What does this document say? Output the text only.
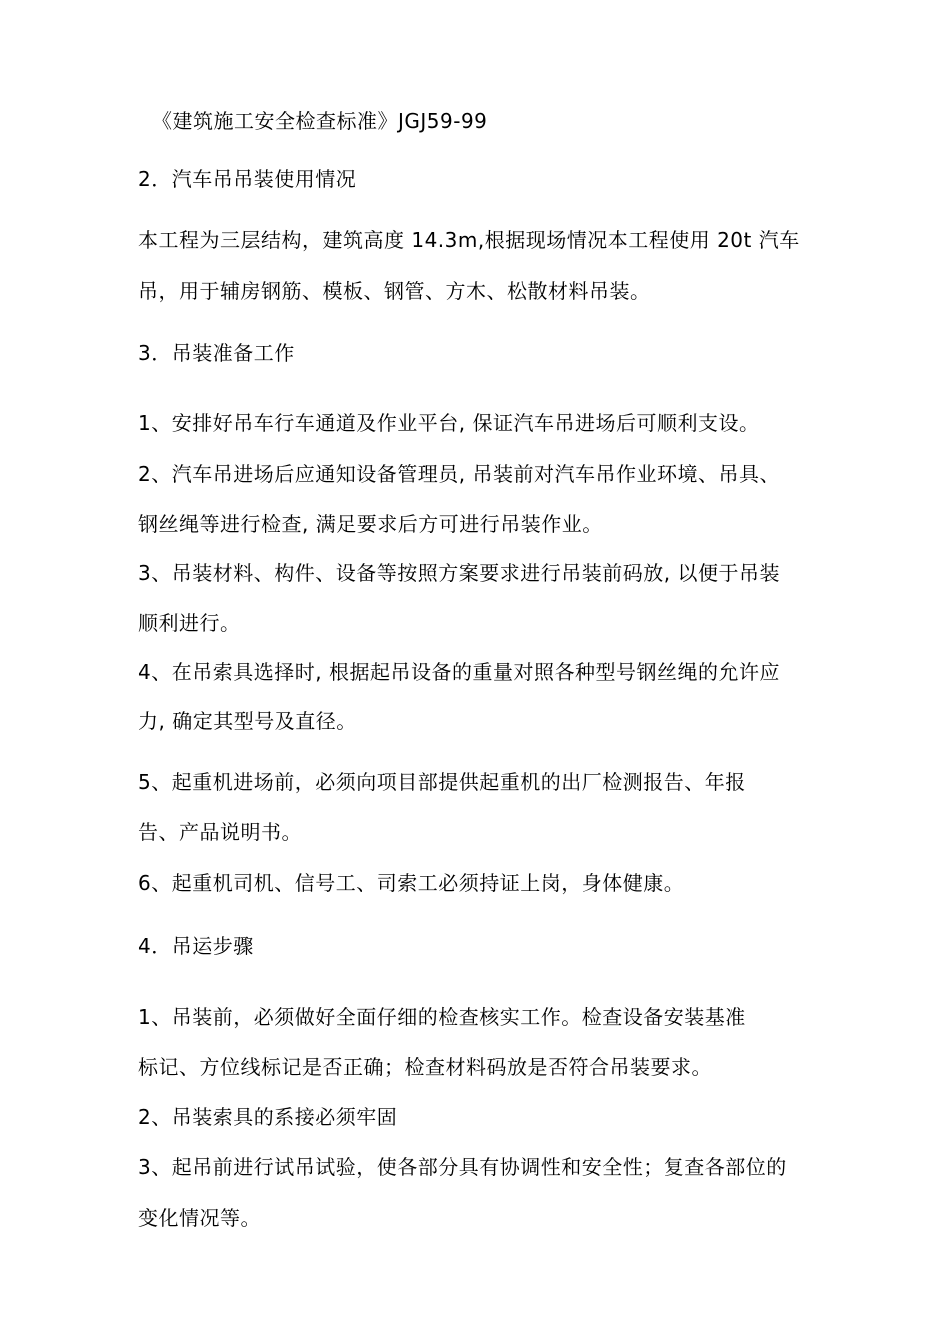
《建筑施工安全检查标准》JGJ59-99
2．汽车吊吊装使用情况
本工程为三层结构，建筑高度 14.3m,根据现场情况本工程使用 20t 汽车
吊，用于辅房钢筋、模板、钢管、方木、松散材料吊装。
3．吊装准备工作
1、安排好吊车行车通道及作业平台, 保证汽车吊进场后可顺利支设。
2、汽车吊进场后应通知设备管理员, 吊装前对汽车吊作业环境、吊具、
钢丝绳等进行检查, 满足要求后方可进行吊装作业。
3、吊装材料、构件、设备等按照方案要求进行吊装前码放, 以便于吊装
顺利进行。
4、在吊索具选择时, 根据起吊设备的重量对照各种型号钢丝绳的允许应
力, 确定其型号及直径。
5、起重机进场前，必须向项目部提供起重机的出厂检测报告、年报
告、产品说明书。
6、起重机司机、信号工、司索工必须持证上岗，身体健康。
4．吊运步骤
1、吊装前，必须做好全面仔细的检查核实工作。检查设备安装基准
标记、方位线标记是否正确；检查材料码放是否符合吊装要求。
2、吊装索具的系接必须牢固
3、起吊前进行试吊试验，使各部分具有协调性和安全性；复查各部位的
变化情况等。
